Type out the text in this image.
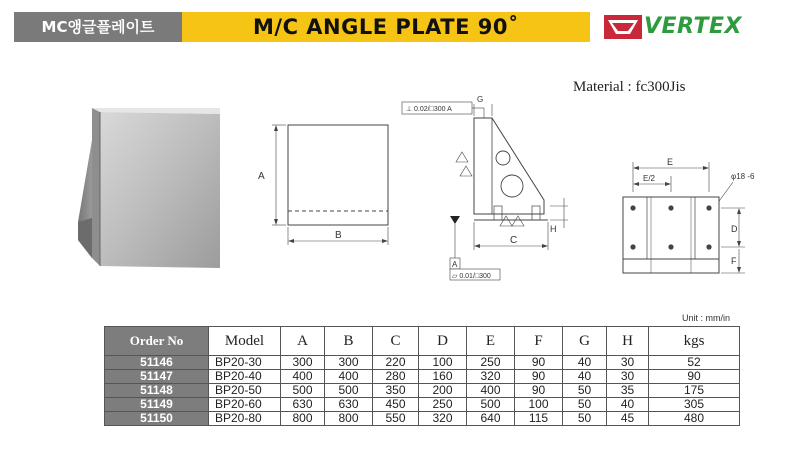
MC앵글플레이트	M/C ANGLE PLATE 90˚	VERTEX
Material : fc300Jis
A
B
⊥ 0.02/□300 A
G
C
H
A
▱ 0.01/□300
E
E/2	φ18 -6
D
F
Unit : mm/in
Order No	Model	A	B	C	D	E	F	G	H	kgs
51146	BP20-30	300	300	220	100	250	90	40	30	52
51147	BP20-40	400	400	280	160	320	90	40	30	90
51148	BP20-50	500	500	350	200	400	90	50	35	175
51149	BP20-60	630	630	450	250	500	100	50	40	305
51150	BP20-80	800	800	550	320	640	115	50	45	480
